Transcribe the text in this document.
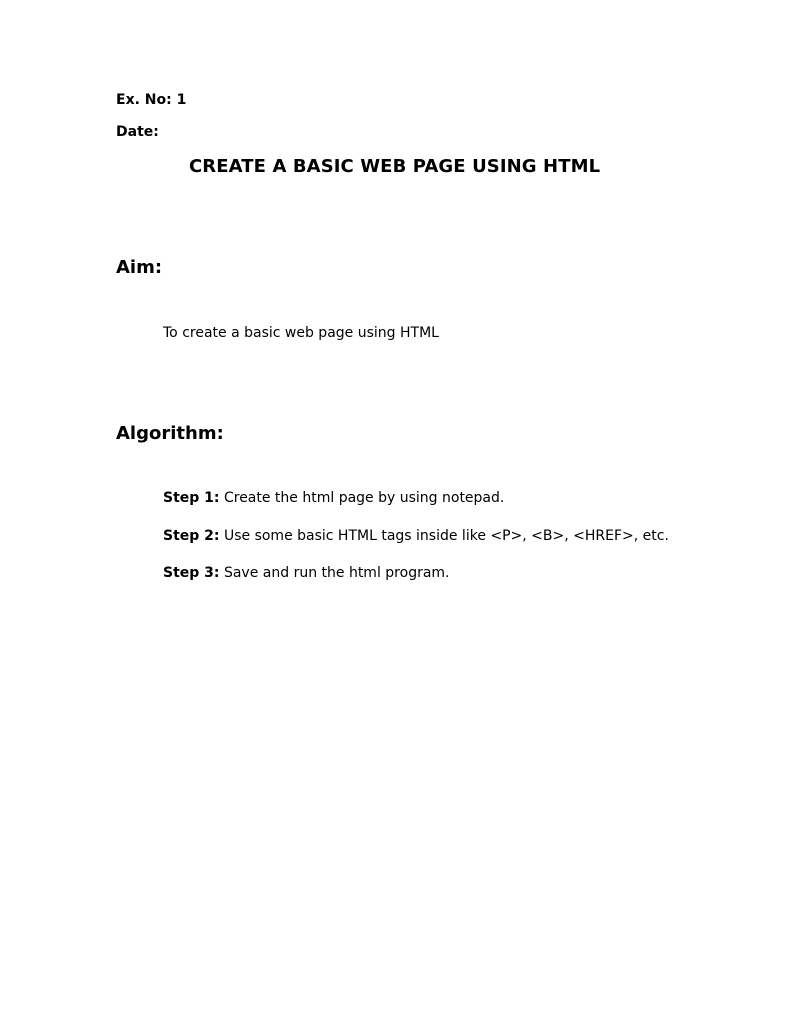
Ex. No: 1
Date:
CREATE A BASIC WEB PAGE USING HTML
Aim:
To create a basic web page using HTML
Algorithm:
Step 1: Create the html page by using notepad.
Step 2: Use some basic HTML tags inside like <P>, <B>, <HREF>, etc.
Step 3: Save and run the html program.
